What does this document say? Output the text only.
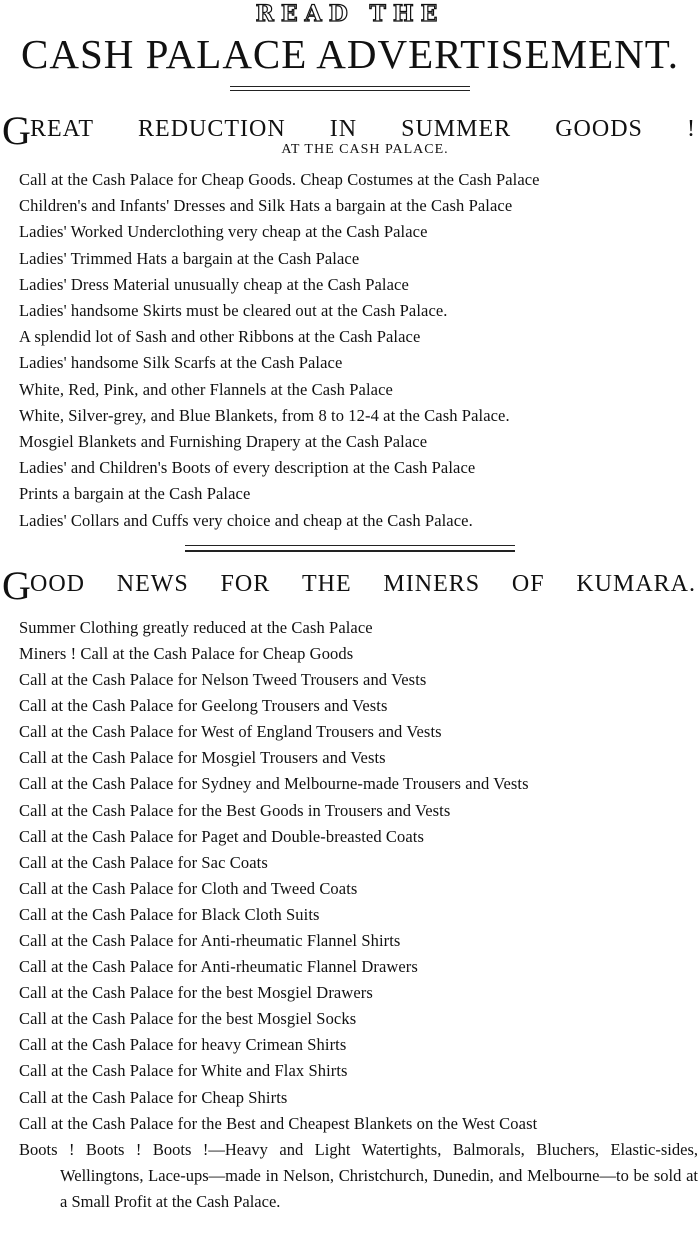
READ THE
CASH PALACE ADVERTISEMENT.
G REAT REDUCTION IN SUMMER GOODS !
AT THE CASH PALACE.
Call at the Cash Palace for Cheap Goods. Cheap Costumes at the Cash Palace
Children's and Infants' Dresses and Silk Hats a bargain at the Cash Palace
Ladies' Worked Underclothing very cheap at the Cash Palace
Ladies' Trimmed Hats a bargain at the Cash Palace
Ladies' Dress Material unusually cheap at the Cash Palace
Ladies' handsome Skirts must be cleared out at the Cash Palace.
A splendid lot of Sash and other Ribbons at the Cash Palace
Ladies' handsome Silk Scarfs at the Cash Palace
White, Red, Pink, and other Flannels at the Cash Palace
White, Silver-grey, and Blue Blankets, from 8 to 12-4 at the Cash Palace.
Mosgiel Blankets and Furnishing Drapery at the Cash Palace
Ladies' and Children's Boots of every description at the Cash Palace
Prints a bargain at the Cash Palace
Ladies' Collars and Cuffs very choice and cheap at the Cash Palace.
G OOD NEWS FOR THE MINERS OF KUMARA.
Summer Clothing greatly reduced at the Cash Palace
Miners ! Call at the Cash Palace for Cheap Goods
Call at the Cash Palace for Nelson Tweed Trousers and Vests
Call at the Cash Palace for Geelong Trousers and Vests
Call at the Cash Palace for West of England Trousers and Vests
Call at the Cash Palace for Mosgiel Trousers and Vests
Call at the Cash Palace for Sydney and Melbourne-made Trousers and Vests
Call at the Cash Palace for the Best Goods in Trousers and Vests
Call at the Cash Palace for Paget and Double-breasted Coats
Call at the Cash Palace for Sac Coats
Call at the Cash Palace for Cloth and Tweed Coats
Call at the Cash Palace for Black Cloth Suits
Call at the Cash Palace for Anti-rheumatic Flannel Shirts
Call at the Cash Palace for Anti-rheumatic Flannel Drawers
Call at the Cash Palace for the best Mosgiel Drawers
Call at the Cash Palace for the best Mosgiel Socks
Call at the Cash Palace for heavy Crimean Shirts
Call at the Cash Palace for White and Flax Shirts
Call at the Cash Palace for Cheap Shirts
Call at the Cash Palace for the Best and Cheapest Blankets on the West Coast

Boots ! Boots ! Boots !—Heavy and Light Watertights, Balmorals, Bluchers, Elastic-sides, Wellingtons, Lace-ups—made in Nelson, Christchurch, Dunedin, and Melbourne—to be sold at a Small Profit at the Cash Palace.
